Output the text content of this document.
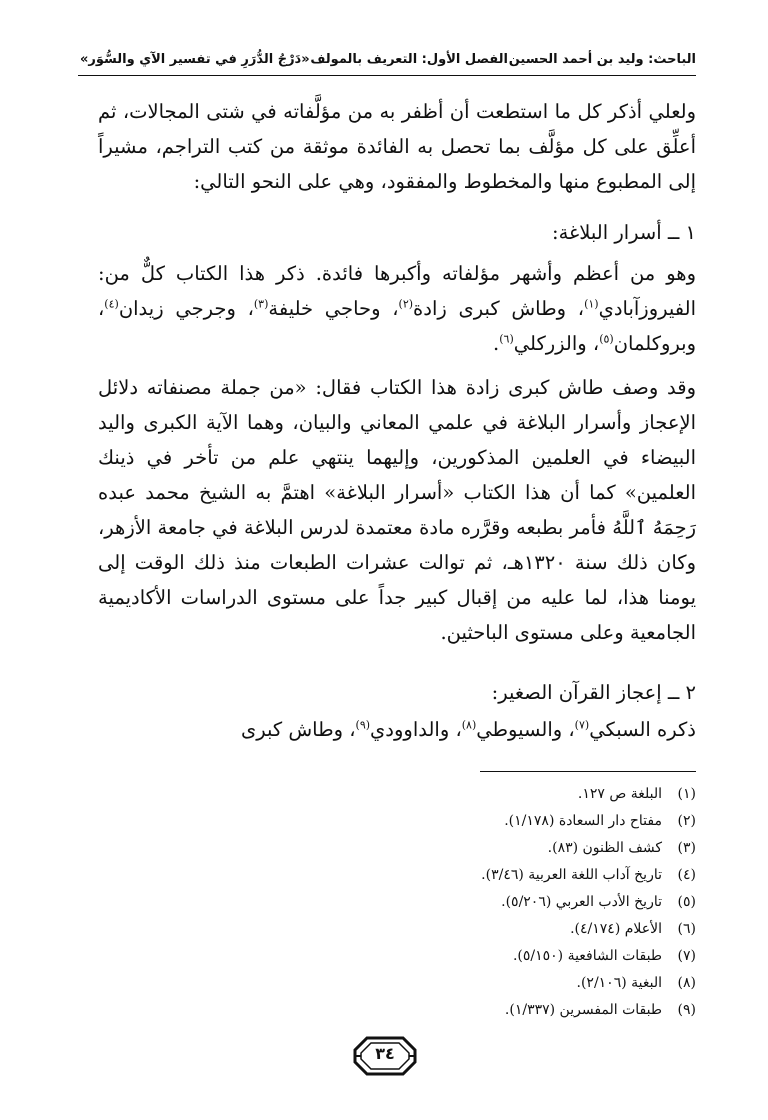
الباحث: وليد بن أحمد الحسين
الفصل الأول: التعريف بالمولف
«دَرْجُ الدُّرَرِ في تفسير الآي والسُّوَر»

ولعلي أذكر كل ما استطعت أن أظفر به من مؤلَّفاته في شتى المجالات، ثم أعلِّق على كل مؤلَّف بما تحصل به الفائدة موثقة من كتب التراجم، مشيراً إلى المطبوع منها والمخطوط والمفقود، وهي على النحو التالي:

١ ــ أسرار البلاغة:

وهو من أعظم وأشهر مؤلفاته وأكبرها فائدة. ذكر هذا الكتاب كلٌّ من: الفيروزآبادي$^{(١)}$، وطاش كبرى زادة$^{(٢)}$، وحاجي خليفة$^{(٣)}$، وجرجي زيدان$^{(٤)}$، وبروكلمان$^{(٥)}$، والزركلي$^{(٦)}$.

وقد وصف طاش كبرى زادة هذا الكتاب فقال: «من جملة مصنفاته دلائل الإعجاز وأسرار البلاغة في علمي المعاني والبيان، وهما الآية الكبرى واليد البيضاء في العلمين المذكورين، وإليهما ينتهي علم من تأخر في ذينك العلمين» كما أن هذا الكتاب «أسرار البلاغة» اهتمَّ به الشيخ محمد عبده رَحِمَهُ ٱللَّهُ فأمر بطبعه وقرَّره مادة معتمدة لدرس البلاغة في جامعة الأزهر، وكان ذلك سنة ١٣٢٠هـ، ثم توالت عشرات الطبعات منذ ذلك الوقت إلى يومنا هذا، لما عليه من إقبال كبير جداً على مستوى الدراسات الأكاديمية الجامعية وعلى مستوى الباحثين.

٢ ــ إعجاز القرآن الصغير:

ذكره السبكي$^{(٧)}$، والسيوطي$^{(٨)}$، والداوودي$^{(٩)}$، وطاش كبرى

(١)البلغة ص ١٢٧.
(٢)مفتاح دار السعادة (١/١٧٨).
(٣)كشف الظنون (٨٣).
(٤)تاريخ آداب اللغة العربية (٣/٤٦).
(٥)تاريخ الأدب العربي (٥/٢٠٦).
(٦)الأعلام (٤/١٧٤).
(٧)طبقات الشافعية (٥/١٥٠).
(٨)البغية (٢/١٠٦).
(٩)طبقات المفسرين (١/٣٣٧).
٣٤
